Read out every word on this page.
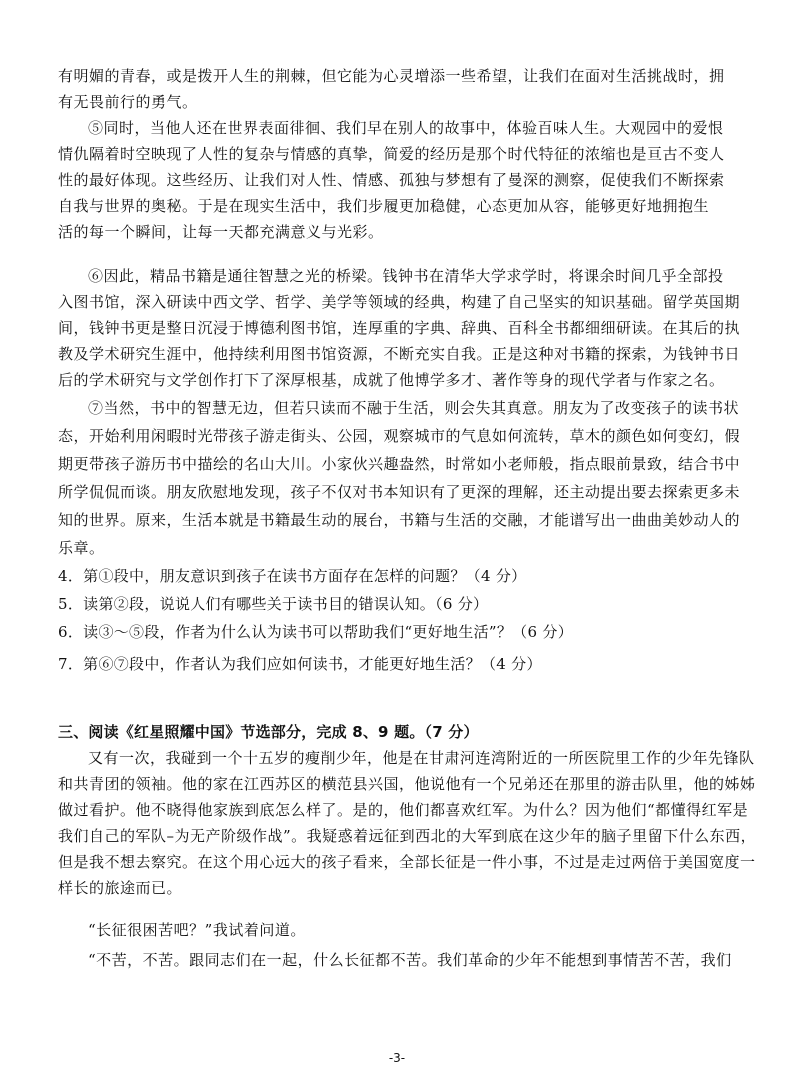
有明媚的青春，或是拨开人生的荆棘，但它能为心灵增添一些希望，让我们在面对生活挑战时，拥
有无畏前行的勇气。
⑤同时，当他人还在世界表面徘徊、我们早在别人的故事中，体验百味人生。大观园中的爱恨
情仇隔着时空映现了人性的复杂与情感的真挚，简爱的经历是那个时代特征的浓缩也是亘古不变人
性的最好体现。这些经历、让我们对人性、情感、孤独与梦想有了曼深的测察，促使我们不断探索
自我与世界的奥秘。于是在现实生活中，我们步履更加稳健，心态更加从容，能够更好地拥抱生
活的每一个瞬间，让每一天都充满意义与光彩。
⑥因此，精品书籍是通往智慧之光的桥梁。钱钟书在清华大学求学时，将课余时间几乎全部投
入图书馆，深入研读中西文学、哲学、美学等领域的经典，构建了自己坚实的知识基础。留学英国期
间，钱钟书更是整日沉浸于博德利图书馆，连厚重的字典、辞典、百科全书都细细研读。在其后的执
教及学术研究生涯中，他持续利用图书馆资源，不断充实自我。正是这种对书籍的探索，为钱钟书日
后的学术研究与文学创作打下了深厚根基，成就了他博学多才、著作等身的现代学者与作家之名。
⑦当然，书中的智慧无边，但若只读而不融于生活，则会失其真意。朋友为了改变孩子的读书状
态，开始利用闲暇时光带孩子游走街头、公园，观察城市的气息如何流转，草木的颜色如何变幻，假
期更带孩子游历书中描绘的名山大川。小家伙兴趣盎然，时常如小老师般，指点眼前景致，结合书中
所学侃侃而谈。朋友欣慰地发现，孩子不仅对书本知识有了更深的理解，还主动提出要去探索更多未
知的世界。原来，生活本就是书籍最生动的展台，书籍与生活的交融，才能谱写出一曲曲美妙动人的
乐章。
4．第①段中，朋友意识到孩子在读书方面存在怎样的问题？（4 分）
5．读第②段，说说人们有哪些关于读书目的错误认知。（6 分）
6．读③～⑤段，作者为什么认为读书可以帮助我们“更好地生活”？（6 分）
7．第⑥⑦段中，作者认为我们应如何读书，才能更好地生活？（4 分）
三、阅读《红星照耀中国》节选部分，完成 8、9 题。（7 分）
又有一次，我碰到一个十五岁的瘦削少年，他是在甘肃河连湾附近的一所医院里工作的少年先锋队
和共青团的领袖。他的家在江西苏区的横范县兴国，他说他有一个兄弟还在那里的游击队里，他的姊姊
做过看护。他不晓得他家族到底怎么样了。是的，他们都喜欢红军。为什么？因为他们“都懂得红军是
我们自己的军队–为无产阶级作战”。我疑惑着远征到西北的大军到底在这少年的脑子里留下什么东西，
但是我不想去察究。在这个用心远大的孩子看来，全部长征是一件小事，不过是走过两倍于美国宽度一
样长的旅途而已。
“长征很困苦吧？”我试着问道。
“不苦，不苦。跟同志们在一起，什么长征都不苦。我们革命的少年不能想到事情苦不苦，我们
-3-
